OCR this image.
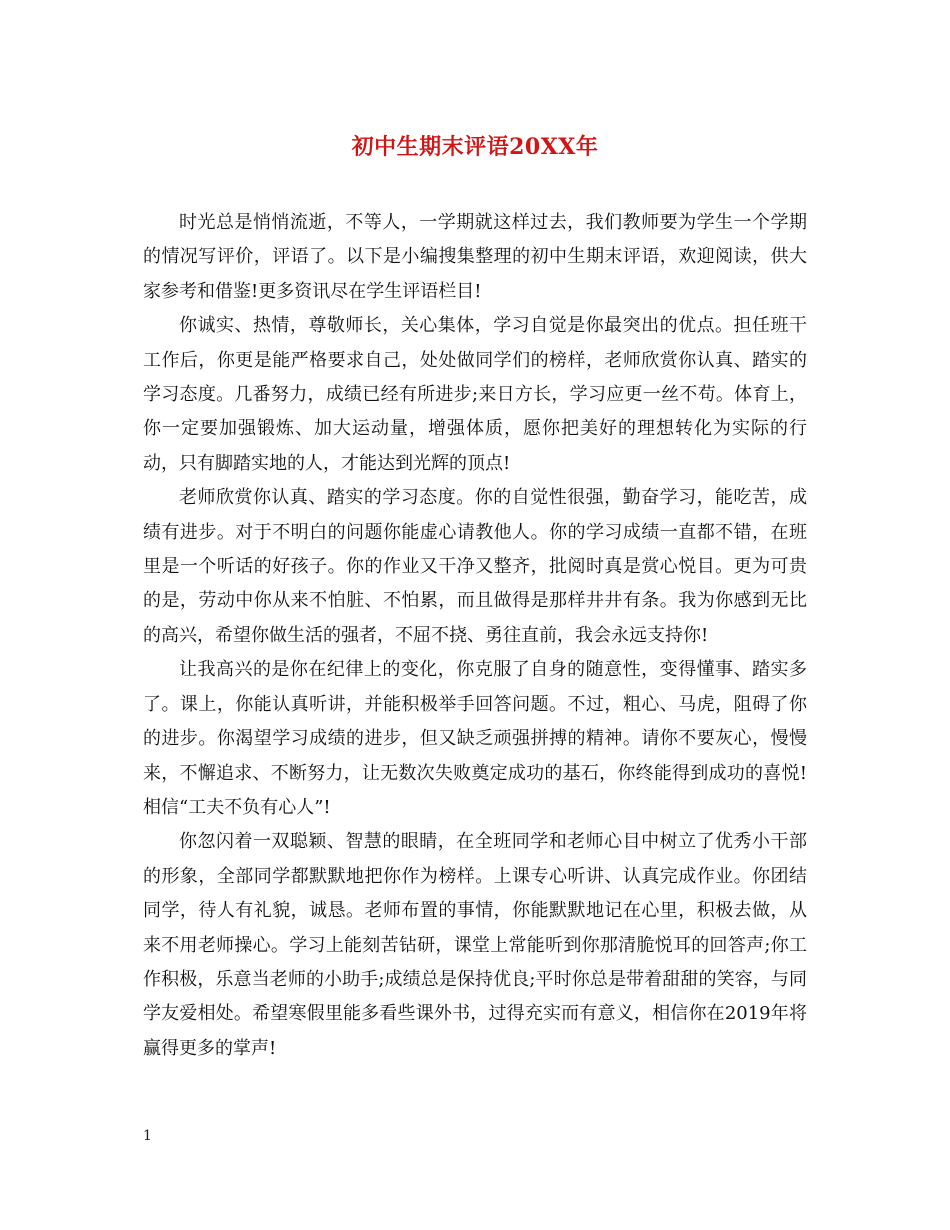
初中生期末评语20XX年

时光总是悄悄流逝，不等人，一学期就这样过去，我们教师要为学生一个学期的情况写评价，评语了。以下是小编搜集整理的初中生期末评语，欢迎阅读，供大家参考和借鉴!更多资讯尽在学生评语栏目!

你诚实、热情，尊敬师长，关心集体，学习自觉是你最突出的优点。担任班干工作后，你更是能严格要求自己，处处做同学们的榜样，老师欣赏你认真、踏实的学习态度。几番努力，成绩已经有所进步;来日方长，学习应更一丝不苟。体育上，你一定要加强锻炼、加大运动量，增强体质，愿你把美好的理想转化为实际的行动，只有脚踏实地的人，才能达到光辉的顶点!

老师欣赏你认真、踏实的学习态度。你的自觉性很强，勤奋学习，能吃苦，成绩有进步。对于不明白的问题你能虚心请教他人。你的学习成绩一直都不错，在班里是一个听话的好孩子。你的作业又干净又整齐，批阅时真是赏心悦目。更为可贵的是，劳动中你从来不怕脏、不怕累，而且做得是那样井井有条。我为你感到无比的高兴，希望你做生活的强者，不屈不挠、勇往直前，我会永远支持你!

让我高兴的是你在纪律上的变化，你克服了自身的随意性，变得懂事、踏实多了。课上，你能认真听讲，并能积极举手回答问题。不过，粗心、马虎，阻碍了你的进步。你渴望学习成绩的进步，但又缺乏顽强拼搏的精神。请你不要灰心，慢慢来，不懈追求、不断努力，让无数次失败奠定成功的基石，你终能得到成功的喜悦!相信“工夫不负有心人”!

你忽闪着一双聪颖、智慧的眼睛，在全班同学和老师心目中树立了优秀小干部的形象，全部同学都默默地把你作为榜样。上课专心听讲、认真完成作业。你团结同学，待人有礼貌，诚恳。老师布置的事情，你能默默地记在心里，积极去做，从来不用老师操心。学习上能刻苦钻研，课堂上常能听到你那清脆悦耳的回答声;你工作积极，乐意当老师的小助手;成绩总是保持优良;平时你总是带着甜甜的笑容，与同学友爱相处。希望寒假里能多看些课外书，过得充实而有意义，相信你在2019年将赢得更多的掌声!

1
